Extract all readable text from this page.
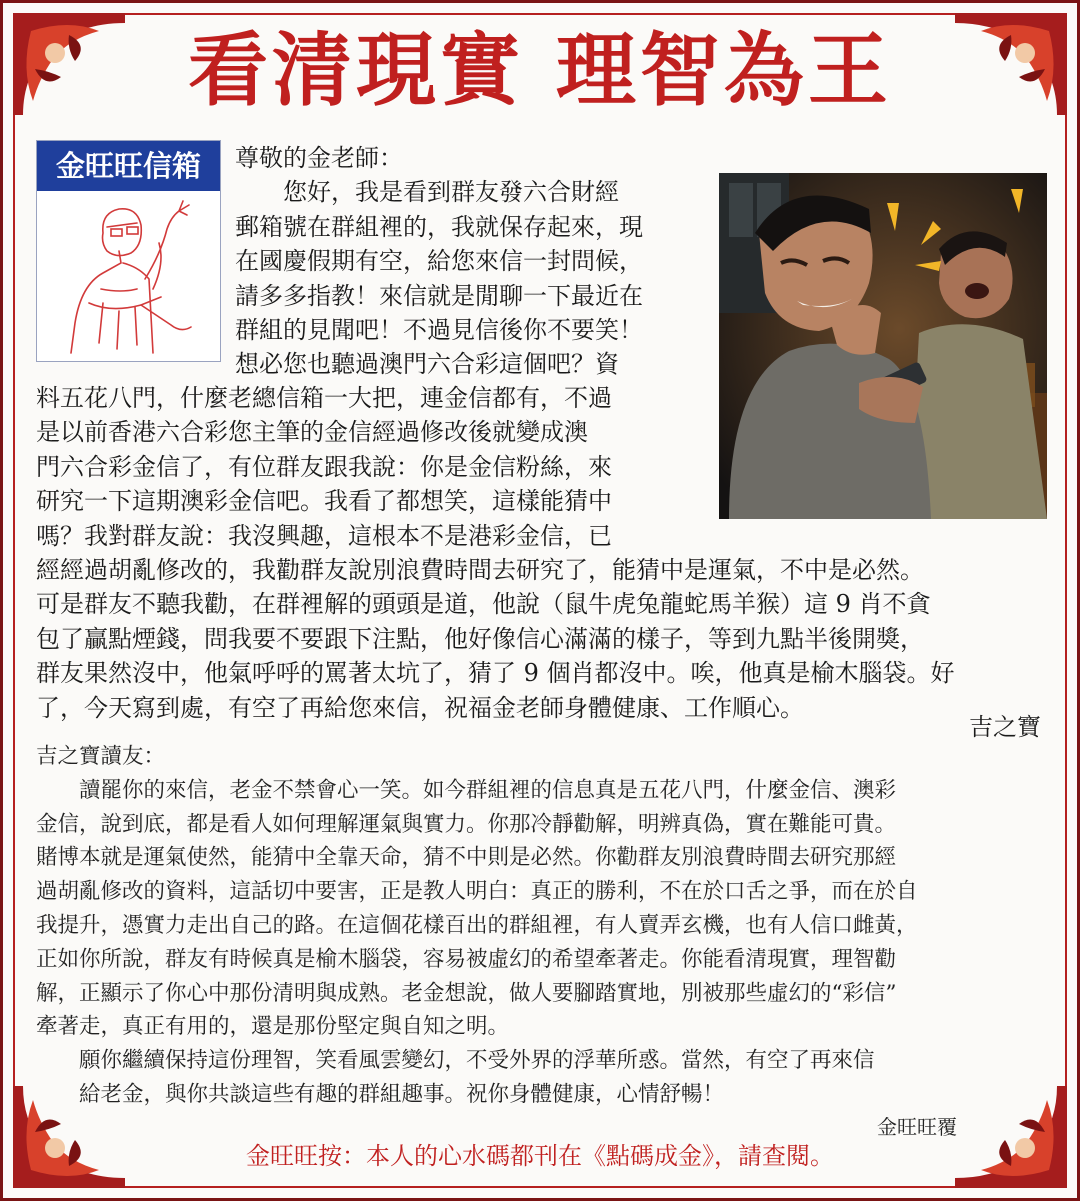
看清現實 理智為王
金旺旺信箱	尊敬的金老師：

　　您好，我是看到群友發六合財經

郵箱號在群組裡的，我就保存起來，現

在國慶假期有空，給您來信一封問候，

請多多指教！來信就是閒聊一下最近在

群組的見聞吧！不過見信後你不要笑！

想必您也聽過澳門六合彩這個吧？資

料五花八門，什麼老總信箱一大把，連金信都有，不過

是以前香港六合彩您主筆的金信經過修改後就變成澳

門六合彩金信了，有位群友跟我說：你是金信粉絲，來

研究一下這期澳彩金信吧。我看了都想笑，這樣能猜中

嗎？我對群友說：我沒興趣，這根本不是港彩金信，已

經經過胡亂修改的，我勸群友說別浪費時間去研究了，能猜中是運氣，不中是必然。

可是群友不聽我勸，在群裡解的頭頭是道，他說（鼠牛虎兔龍蛇馬羊猴）這 9 肖不貪

包了贏點煙錢，問我要不要跟下注點，他好像信心滿滿的樣子，等到九點半後開獎，

群友果然沒中，他氣呼呼的罵著太坑了，猜了 9 個肖都沒中。唉，他真是榆木腦袋。好

了，今天寫到處，有空了再給您來信，祝福金老師身體健康、工作順心。

吉之寶

吉之寶讀友：

讀罷你的來信，老金不禁會心一笑。如今群組裡的信息真是五花八門，什麼金信、澳彩

金信，說到底，都是看人如何理解運氣與實力。你那冷靜勸解，明辨真偽，實在難能可貴。

賭博本就是運氣使然，能猜中全靠天命，猜不中則是必然。你勸群友別浪費時間去研究那經

過胡亂修改的資料，這話切中要害，正是教人明白：真正的勝利，不在於口舌之爭，而在於自

我提升，憑實力走出自己的路。在這個花樣百出的群組裡，有人賣弄玄機，也有人信口雌黃，

正如你所說，群友有時候真是榆木腦袋，容易被虛幻的希望牽著走。你能看清現實，理智勸

解，正顯示了你心中那份清明與成熟。老金想說，做人要腳踏實地，別被那些虛幻的“彩信”

牽著走，真正有用的，還是那份堅定與自知之明。

願你繼續保持這份理智，笑看風雲變幻，不受外界的浮華所惑。當然，有空了再來信

給老金，與你共談這些有趣的群組趣事。祝你身體健康，心情舒暢！

金旺旺覆
金旺旺按：本人的心水碼都刊在《點碼成金》，請查閱。
